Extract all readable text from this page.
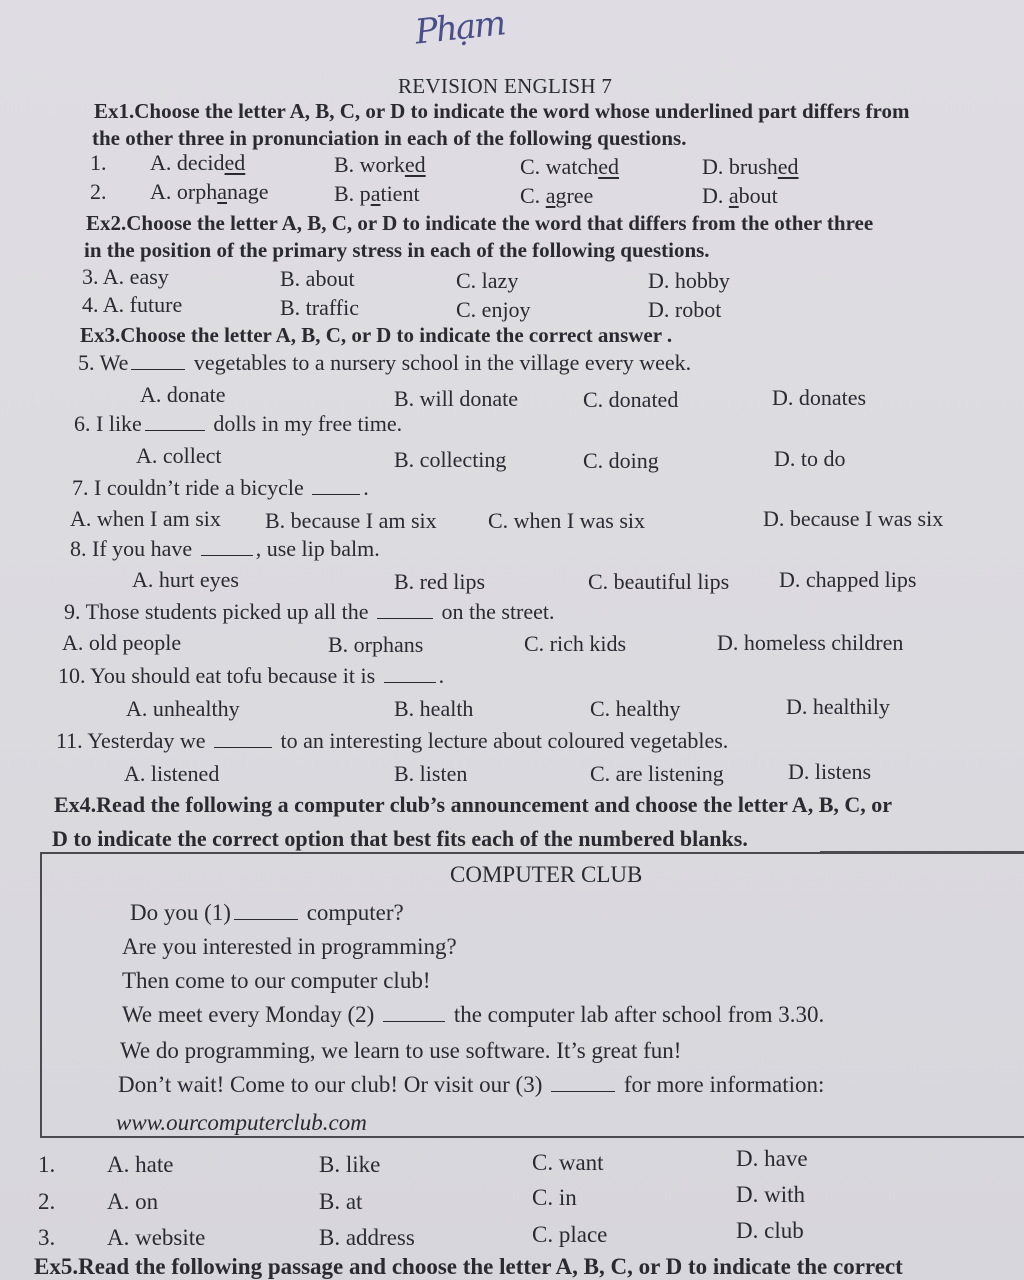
Phạm
REVISION ENGLISH 7
Ex1.Choose the letter A, B, C, or D to indicate the word whose underlined part differs from
the other three in pronunciation in each of the following questions.
1. A. decided	B. worked	C. watched	D. brushed
2. A. orphanage	B. patient	C. agree	D. about
Ex2.Choose the letter A, B, C, or D to indicate the word that differs from the other three
in the position of the primary stress in each of the following questions.
3. A. easy	B. about	C. lazy	D. hobby
4. A. future	B. traffic	C. enjoy	D. robot
Ex3.Choose the letter A, B, C, or D to indicate the correct answer .
5. We	vegetables to a nursery school in the village every week.
A. donate	B. will donate	C. donated	D. donates
6. I like	dolls in my free time.
A. collect	B. collecting	C. doing	D. to do
7. I couldn’t ride a bicycle	.
A. when I am six B. because I am six C. when I was six	D. because I was six
8. If you have	, use lip balm.
A. hurt eyes	B. red lips	C. beautiful lips D. chapped lips
9. Those students picked up all the	on the street.
A. old people	B. orphans	C. rich kids	D. homeless children
10. You should eat tofu because it is	.
A. unhealthy	B. health	C. healthy	D. healthily
11. Yesterday we	to an interesting lecture about coloured vegetables.
A. listened	B. listen	C. are listening	D. listens
Ex4.Read the following a computer club’s announcement and choose the letter A, B, C, or
D to indicate the correct option that best fits each of the numbered blanks.
COMPUTER CLUB
Do you (1)	computer?
Are you interested in programming?
Then come to our computer club!
We meet every Monday (2)	the computer lab after school from 3.30.
We do programming, we learn to use software. It’s great fun!
Don’t wait! Come to our club! Or visit our (3)	for more information:
www.ourcomputerclub.com
1. A. hate	B. like	C. want	D. have
2. A. on	B. at	C. in	D. with
3. A. website	B. address	C. place	D. club
Ex5.Read the following passage and choose the letter A, B, C, or D to indicate the correct
